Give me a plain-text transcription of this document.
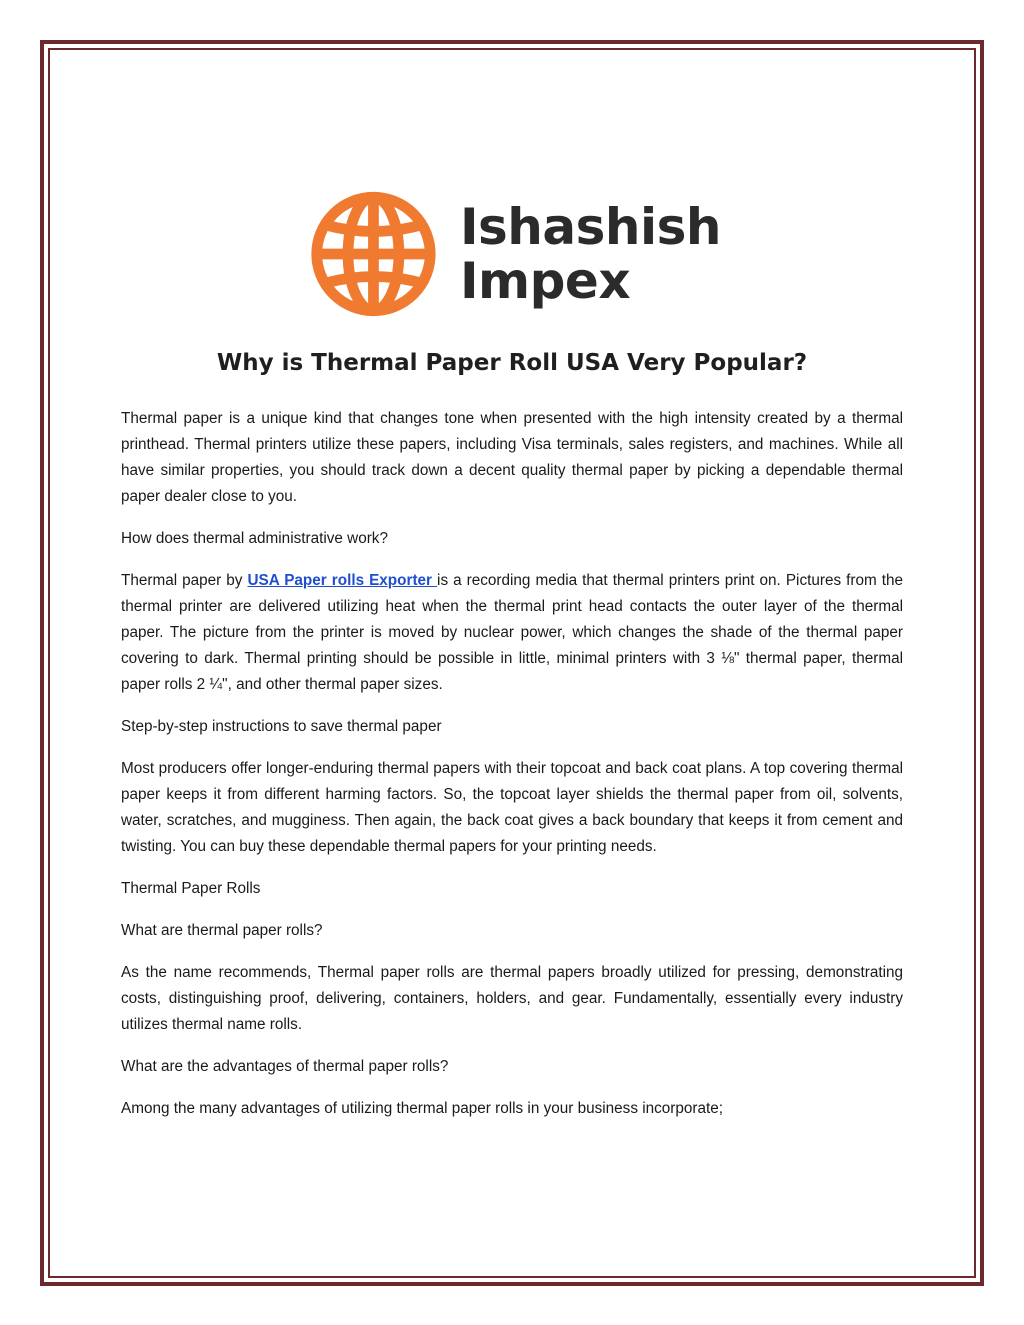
Ishashish
Impex
Why is Thermal Paper Roll USA Very Popular?

Thermal paper is a unique kind that changes tone when presented with the high intensity created by a thermal printhead. Thermal printers utilize these papers, including Visa terminals, sales registers, and machines. While all have similar properties, you should track down a decent quality thermal paper by picking a dependable thermal paper dealer close to you.

How does thermal administrative work?

Thermal paper by USA Paper rolls Exporter is a recording media that thermal printers print on. Pictures from the thermal printer are delivered utilizing heat when the thermal print head contacts the outer layer of the thermal paper. The picture from the printer is moved by nuclear power, which changes the shade of the thermal paper covering to dark. Thermal printing should be possible in little, minimal printers with 3 ⅛" thermal paper, thermal paper rolls 2 ¼", and other thermal paper sizes.

Step-by-step instructions to save thermal paper

Most producers offer longer-enduring thermal papers with their topcoat and back coat plans. A top covering thermal paper keeps it from different harming factors. So, the topcoat layer shields the thermal paper from oil, solvents, water, scratches, and mugginess. Then again, the back coat gives a back boundary that keeps it from cement and twisting. You can buy these dependable thermal papers for your printing needs.

Thermal Paper Rolls

What are thermal paper rolls?

As the name recommends, Thermal paper rolls are thermal papers broadly utilized for pressing, demonstrating costs, distinguishing proof, delivering, containers, holders, and gear. Fundamentally, essentially every industry utilizes thermal name rolls.

What are the advantages of thermal paper rolls?

Among the many advantages of utilizing thermal paper rolls in your business incorporate;
